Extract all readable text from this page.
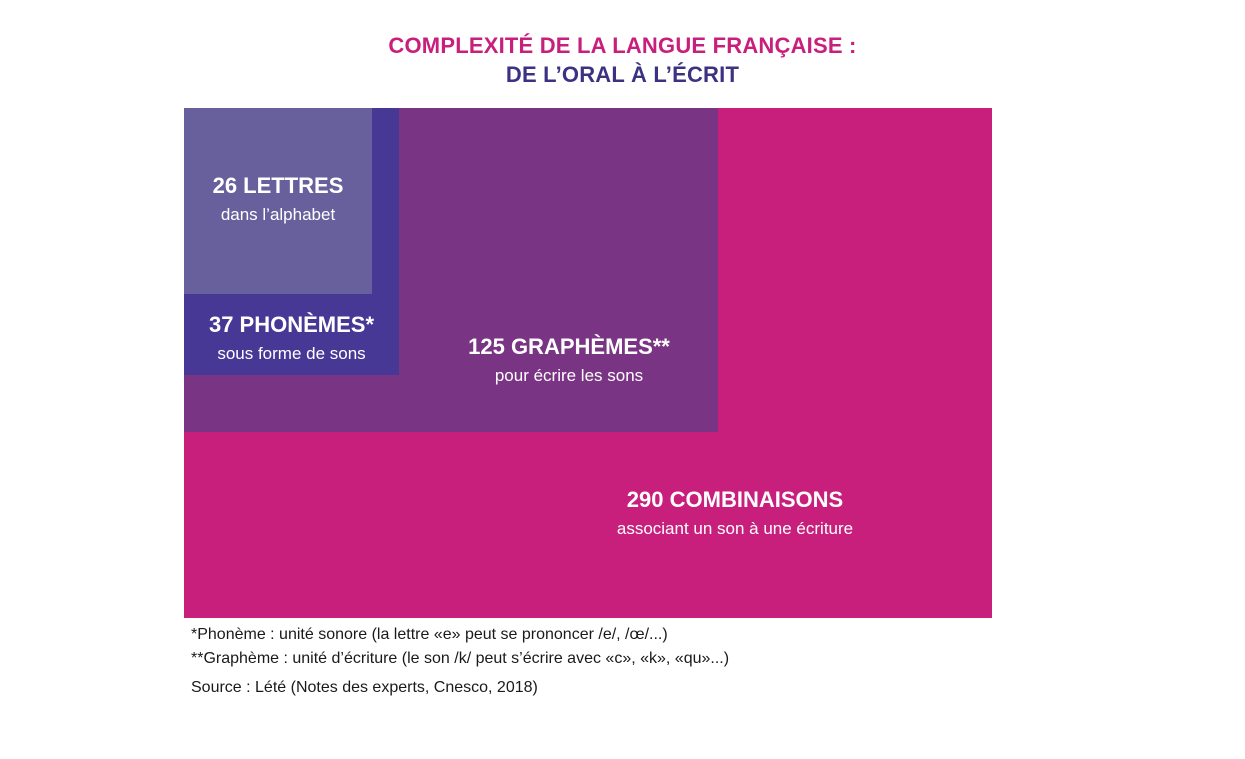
COMPLEXITÉ DE LA LANGUE FRANÇAISE :
DE L’ORAL À L’ÉCRIT
26 LETTRES
dans l’alphabet
37 PHONÈMES*
sous forme de sons	125 GRAPHÈMES**
pour écrire les sons
290 COMBINAISONS
associant un son à une écriture
*Phonème : unité sonore (la lettre «e» peut se prononcer /e/, /œ/...)
**Graphème : unité d’écriture (le son /k/ peut s’écrire avec «c», «k», «qu»...)
Source : Lété (Notes des experts, Cnesco, 2018)
